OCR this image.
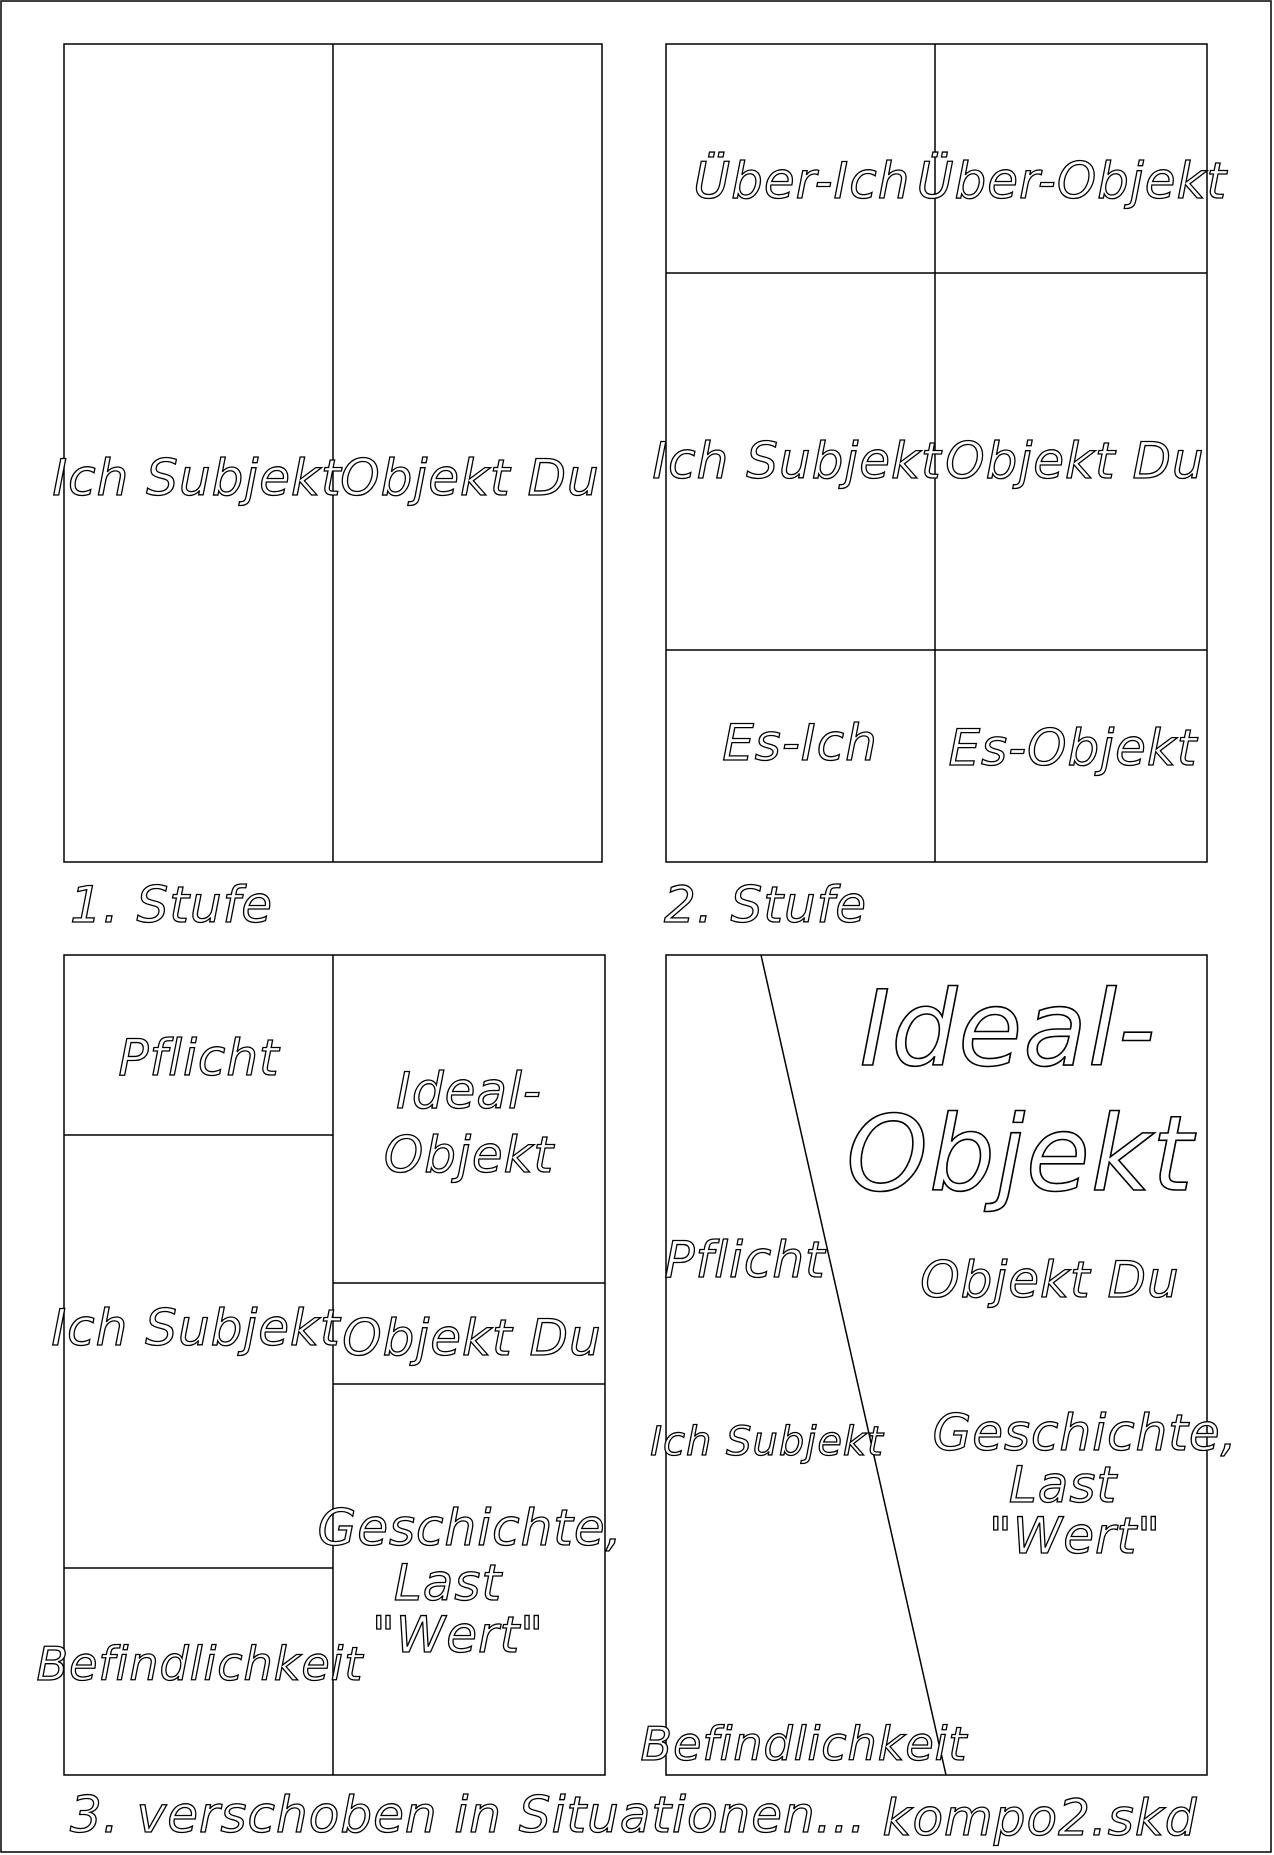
Ich Subjekt
Objekt Du
1. Stufe
Über-Ich Über-Objekt
Ich Subjekt Objekt Du
Es-Ich Es-Objekt
2. Stufe
Pflicht
Ich Subjekt
Befindlichkeit
Ideal-
Objekt
Objekt Du
Geschichte,
Last
"Wert"
3. verschoben in Situationen...
Ideal-
Objekt
Pflicht Objekt Du
Ich Subjekt Geschichte,
Last
"Wert"
Befindlichkeit
kompo2.skd
